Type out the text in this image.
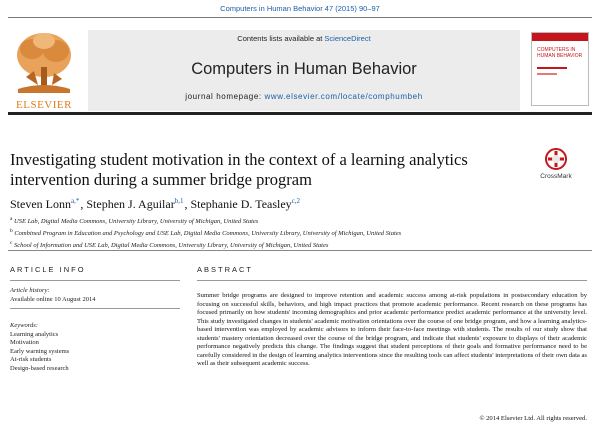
Computers in Human Behavior 47 (2015) 90–97
ELSEVIER
Contents lists available at ScienceDirect
Computers in Human Behavior
journal homepage: www.elsevier.com/locate/comphumbeh
COMPUTERS IN HUMAN BEHAVIOR
Investigating student motivation in the context of a learning analytics intervention during a summer bridge program	CrossMark
Steven Lonn$^{a,*}$, Stephen J. Aguilar$^{b,1}$, Stephanie D. Teasley$^{c,2}$
$^a$ USE Lab, Digital Media Commons, University Library, University of Michigan, United States
$^b$ Combined Program in Education and Psychology and USE Lab, Digital Media Commons, University Library, University of Michigan, United States
$^c$ School of Information and USE Lab, Digital Media Commons, University Library, University of Michigan, United States
ARTICLE INFO
Article history:
Available online 10 August 2014
Keywords:
Learning analytics
Motivation
Early warning systems
At-risk students
Design-based research
ABSTRACT
Summer bridge programs are designed to improve retention and academic success among at-risk populations in postsecondary education by focusing on successful skills, behaviors, and high impact practices that promote academic performance. Recent research on these programs has focused primarily on how students' incoming demographics and prior academic performance predict academic performance at the university level. This study investigated changes in students' academic motivation orientations over the course of one bridge program, and how a learning analytics-based intervention was employed by academic advisors to inform their face-to-face meetings with students. The results of our study show that students' mastery orientation decreased over the course of the bridge program, and indicate that students' exposure to displays of their academic performance negatively predicts this change. The findings suggest that student perceptions of their goals and formative performance need to be carefully considered in the design of learning analytics interventions since the resulting tools can affect students' interpretations of their own data as well as their subsequent academic success.
© 2014 Elsevier Ltd. All rights reserved.
